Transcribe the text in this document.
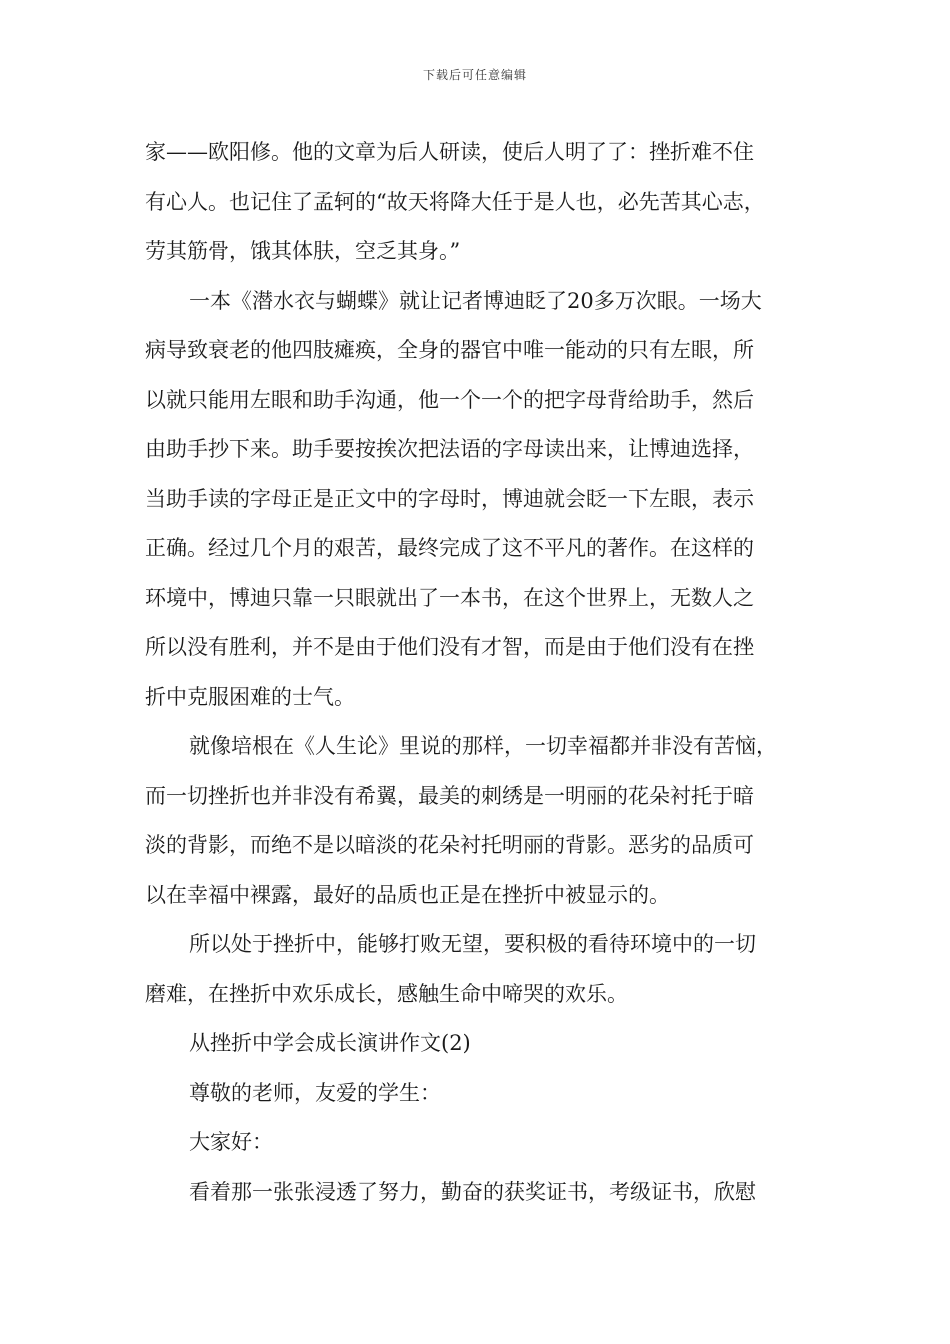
下载后可任意编辑
家——欧阳修。他的文章为后人研读，使后人明了了：挫折难不住
有心人。也记住了孟轲的“故天将降大任于是人也，必先苦其心志，
劳其筋骨，饿其体肤，空乏其身。”
一本《潜水衣与蝴蝶》就让记者博迪眨了20多万次眼。一场大
病导致衰老的他四肢瘫痪，全身的器官中唯一能动的只有左眼，所
以就只能用左眼和助手沟通，他一个一个的把字母背给助手，然后
由助手抄下来。助手要按挨次把法语的字母读出来，让博迪选择，
当助手读的字母正是正文中的字母时，博迪就会眨一下左眼，表示
正确。经过几个月的艰苦，最终完成了这不平凡的著作。在这样的
环境中，博迪只靠一只眼就出了一本书，在这个世界上，无数人之
所以没有胜利，并不是由于他们没有才智，而是由于他们没有在挫
折中克服困难的士气。
就像培根在《人生论》里说的那样，一切幸福都并非没有苦恼，
而一切挫折也并非没有希翼，最美的刺绣是一明丽的花朵衬托于暗
淡的背影，而绝不是以暗淡的花朵衬托明丽的背影。恶劣的品质可
以在幸福中裸露，最好的品质也正是在挫折中被显示的。
所以处于挫折中，能够打败无望，要积极的看待环境中的一切
磨难，在挫折中欢乐成长，感触生命中啼哭的欢乐。
从挫折中学会成长演讲作文(2)
尊敬的老师，友爱的学生：
大家好：
看着那一张张浸透了努力，勤奋的获奖证书，考级证书，欣慰
